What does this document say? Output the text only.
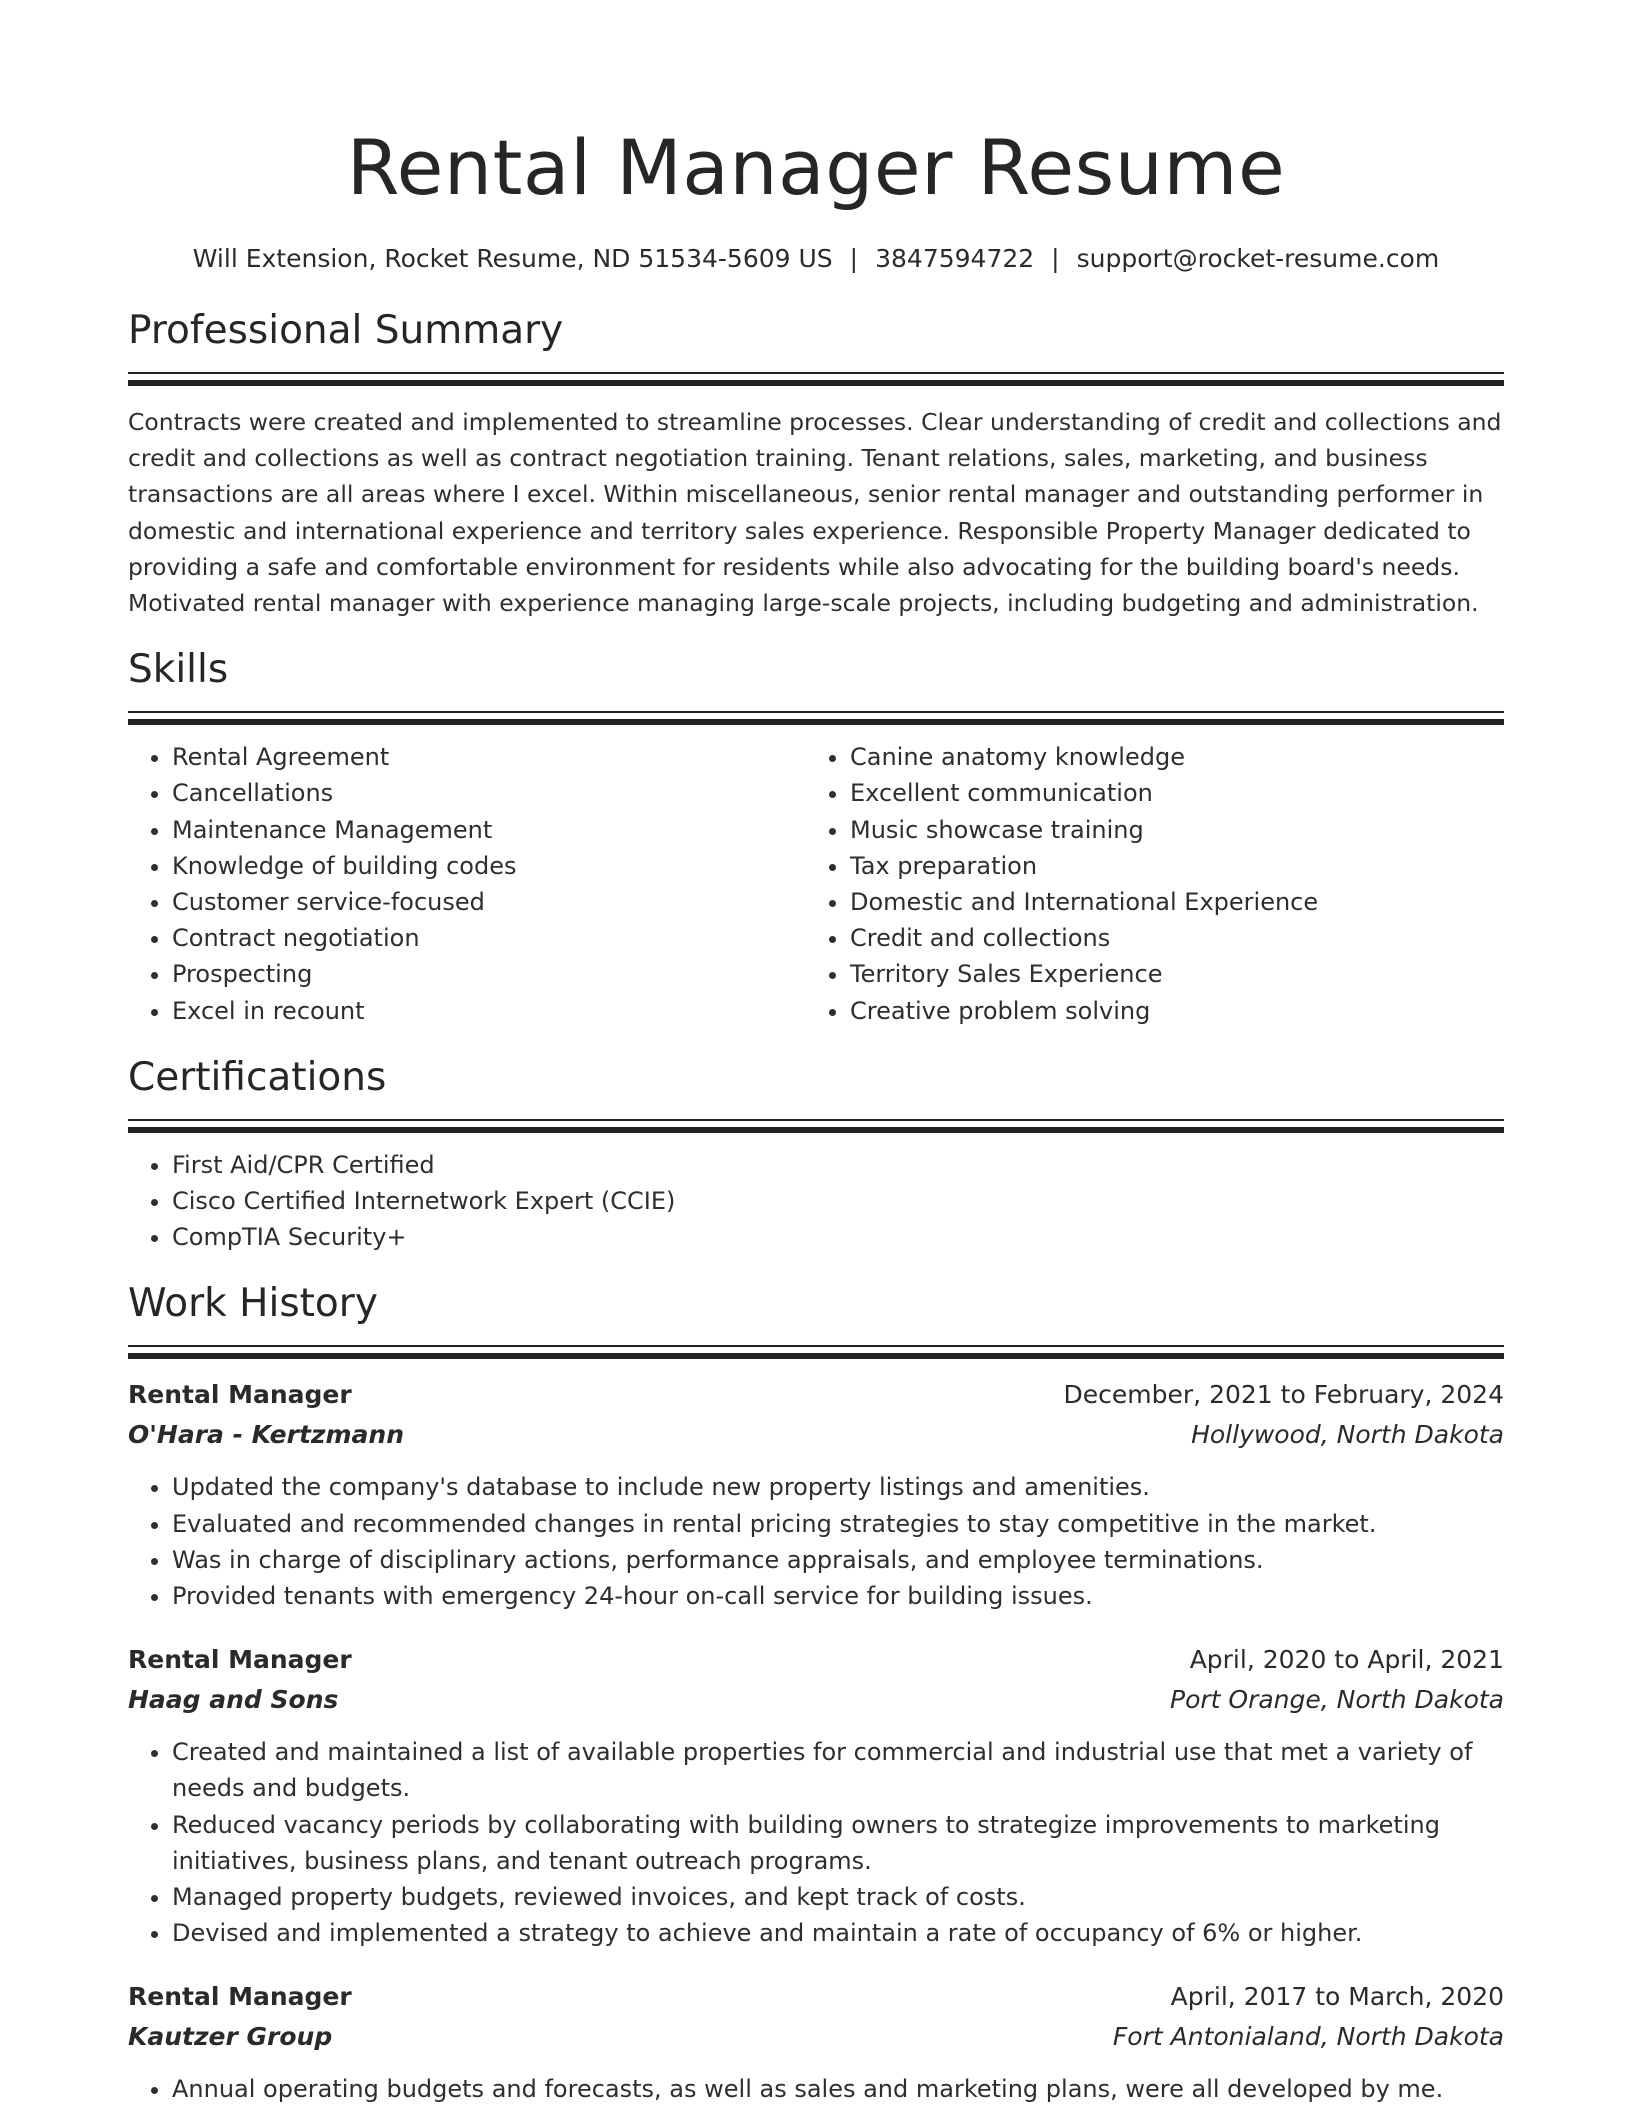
Rental Manager Resume
Will Extension, Rocket Resume, ND 51534-5609 US | 3847594722 | support@rocket-resume.com
Professional Summary

Contracts were created and implemented to streamline processes. Clear understanding of credit and collections and credit and collections as well as contract negotiation training. Tenant relations, sales, marketing, and business transactions are all areas where I excel. Within miscellaneous, senior rental manager and outstanding performer in domestic and international experience and territory sales experience. Responsible Property Manager dedicated to providing a safe and comfortable environment for residents while also advocating for the building board's needs. Motivated rental manager with experience managing large-scale projects, including budgeting and administration.

Skills
• Rental Agreement
• Cancellations
• Maintenance Management
• Knowledge of building codes
• Customer service-focused
• Contract negotiation
• Prospecting
• Excel in recount
• Canine anatomy knowledge
• Excellent communication
• Music showcase training
• Tax preparation
• Domestic and International Experience
• Credit and collections
• Territory Sales Experience
• Creative problem solving
Certifications
• First Aid/CPR Certified
• Cisco Certified Internetwork Expert (CCIE)
• CompTIA Security+
Work History
Rental Manager	December, 2021 to February, 2024
O'Hara - Kertzmann	Hollywood, North Dakota
• Updated the company's database to include new property listings and amenities.
• Evaluated and recommended changes in rental pricing strategies to stay competitive in the market.
• Was in charge of disciplinary actions, performance appraisals, and employee terminations.
• Provided tenants with emergency 24-hour on-call service for building issues.
Rental Manager	April, 2020 to April, 2021
Haag and Sons	Port Orange, North Dakota
• Created and maintained a list of available properties for commercial and industrial use that met a variety of needs and budgets.
• Reduced vacancy periods by collaborating with building owners to strategize improvements to marketing initiatives, business plans, and tenant outreach programs.
• Managed property budgets, reviewed invoices, and kept track of costs.
• Devised and implemented a strategy to achieve and maintain a rate of occupancy of 6% or higher.
Rental Manager	April, 2017 to March, 2020
Kautzer Group	Fort Antonialand, North Dakota
• Annual operating budgets and forecasts, as well as sales and marketing plans, were all developed by me.
